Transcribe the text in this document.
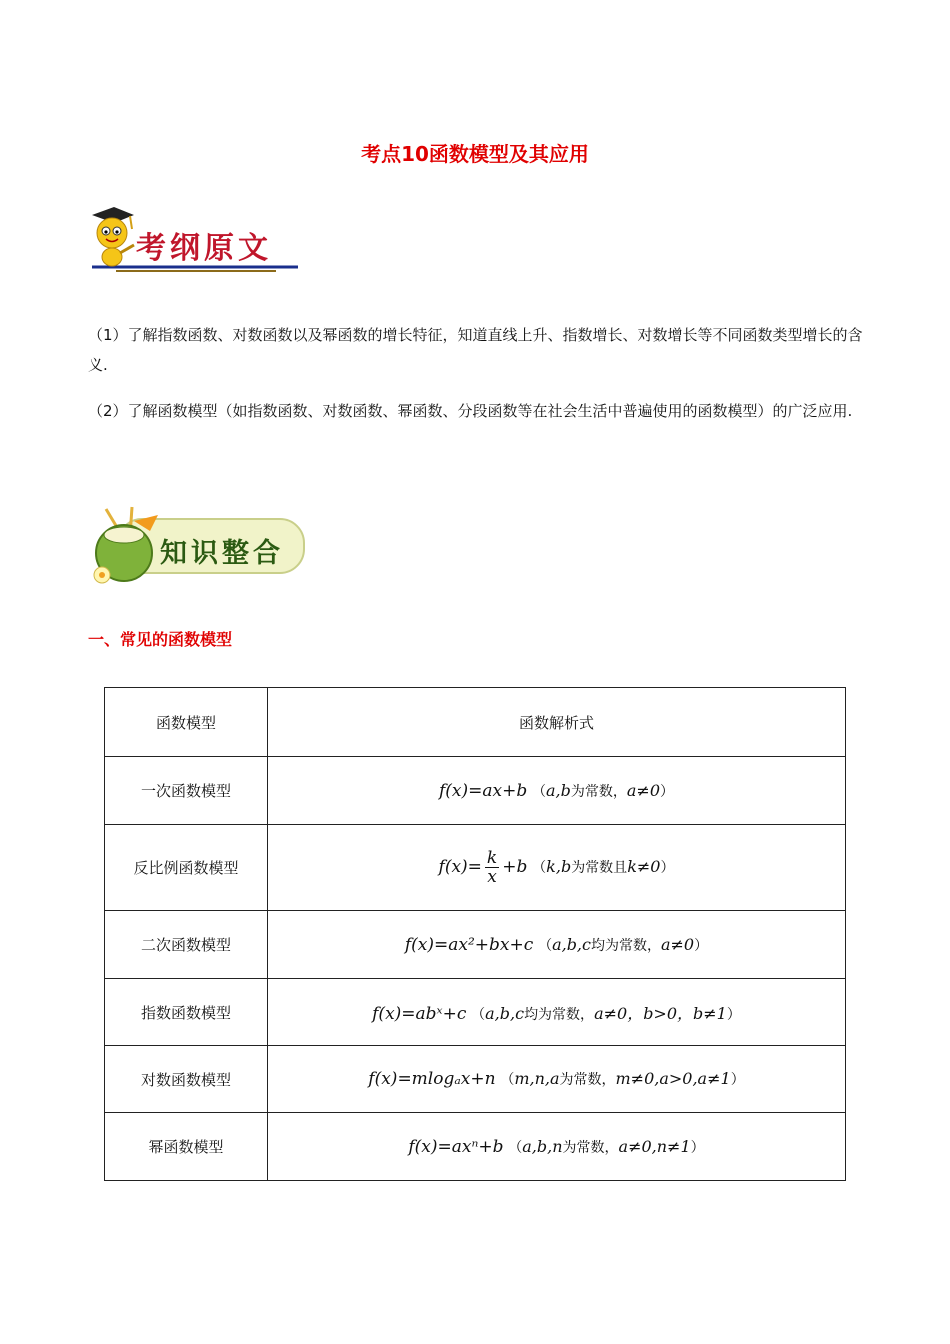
考点10函数模型及其应用
考纲原文
（1）了解指数函数、对数函数以及幂函数的增长特征，知道直线上升、指数增长、对数增长等不同函数类型增长的含义.
（2）了解函数模型（如指数函数、对数函数、幂函数、分段函数等在社会生活中普遍使用的函数模型）的广泛应用.
知识整合
一、常见的函数模型
函数模型	函数解析式
一次函数模型	f(x)=ax+b （a,b为常数，a≠0）
反比例函数模型	$f(x)= \frac{k}{x} +b$ （k,b为常数且k≠0）
二次函数模型	f(x)=ax²+bx+c （a,b,c均为常数，a≠0）
指数函数模型	f(x)=abˣ+c （a,b,c均为常数，a≠0，b>0，b≠1）
对数函数模型	f(x)=mlogₐx+n （m,n,a为常数，m≠0,a>0,a≠1）
幂函数模型	f(x)=axⁿ+b （a,b,n为常数，a≠0,n≠1）
